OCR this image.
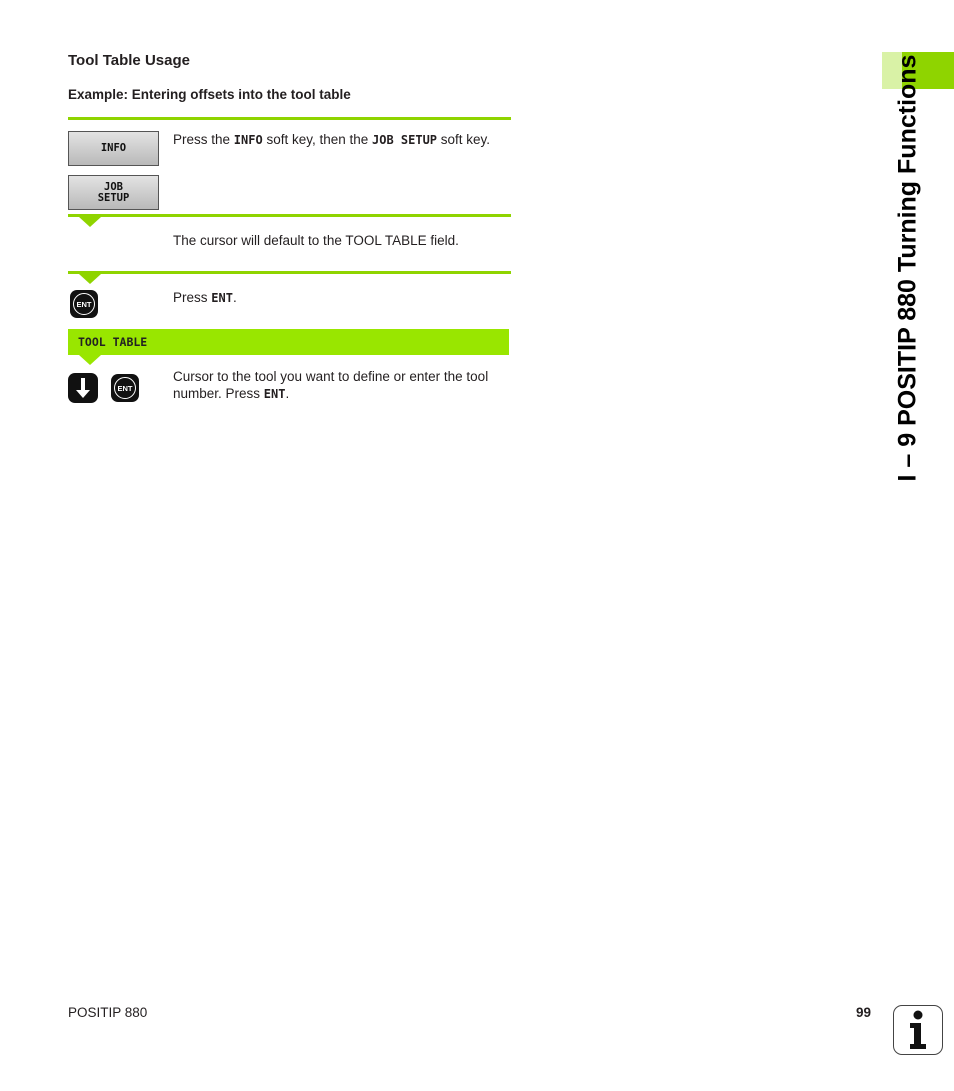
Tool Table Usage
Example: Entering offsets into the tool table
INFO
JOB
SETUP
Press the INFO soft key, then the JOB SETUP soft key.
The cursor will default to the TOOL TABLE field.
ENT	Press ENT.
TOOL TABLE
ENT
Cursor to the tool you want to define or enter the tool number. Press ENT.	I – 9 POSITIP 880 Turning Functions
POSITIP 880	99
